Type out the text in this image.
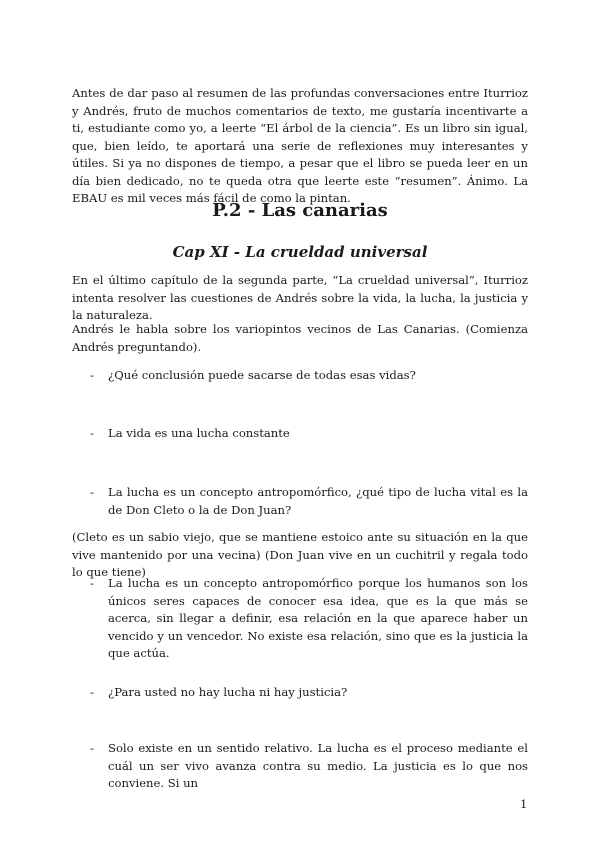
Antes de dar paso al resumen de las profundas conversaciones entre Iturrioz y Andrés, fruto de muchos comentarios de texto, me gustaría incentivarte a ti, estudiante como yo, a leerte “El árbol de la ciencia”. Es un libro sin igual, que, bien leído, te aportará una serie de reflexiones muy interesantes y útiles. Si ya no dispones de tiempo, a pesar que el libro se pueda leer en un día bien dedicado, no te queda otra que leerte este “resumen”. Ánimo. La EBAU es mil veces más fácil de como la pintan.

P.2 - Las canarias
Cap XI - La crueldad universal

En el último capítulo de la segunda parte, “La crueldad universal”, Iturrioz intenta resolver las cuestiones de Andrés sobre la vida, la lucha, la justicia y la naturaleza.

Andrés le habla sobre los variopintos vecinos de Las Canarias. (Comienza Andrés preguntando).

- ¿Qué conclusión puede sacarse de todas esas vidas?
- La vida es una lucha constante
- La lucha es un concepto antropomórfico, ¿qué tipo de lucha vital es la de Don Cleto o la de Don Juan?

(Cleto es un sabio viejo, que se mantiene estoico ante su situación en la que vive mantenido por una vecina) (Don Juan vive en un cuchitril y regala todo lo que tiene)

- La lucha es un concepto antropomórfico porque los humanos son los únicos seres capaces de conocer esa idea, que es la que más se acerca, sin llegar a definir, esa relación en la que aparece haber un vencido y un vencedor. No existe esa relación, sino que es la justicia la que actúa.
- ¿Para usted no hay lucha ni hay justicia?
- Solo existe en un sentido relativo. La lucha es el proceso mediante el cuál un ser vivo avanza contra su medio. La justicia es lo que nos conviene. Si un

1
